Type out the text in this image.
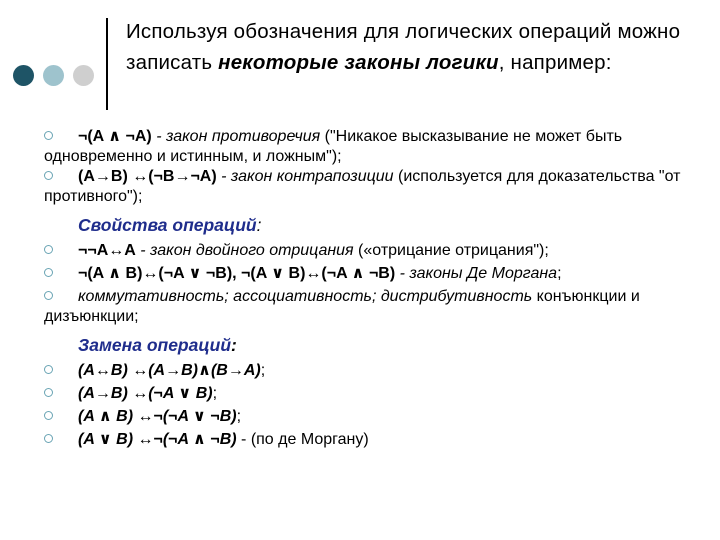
Используя обозначения для логических операций можно записать некоторые законы логики, например:
¬(A ∧ ¬A) - закон противоречия ("Никакое высказывание не может быть одновременно и истинным, и ложным");
(A→B) ↔(¬B→¬A) - закон контрапозиции (используется для доказательства "от противного");
Свойства операций:
¬¬A↔A - закон двойного отрицания («отрицание отрицания");
¬(A ∧ B)↔(¬A ∨ ¬B), ¬(A ∨ B)↔(¬A ∧ ¬B) - законы Де Моргана;
коммутативность; ассоциативность; дистрибутивность конъюнкции и дизъюнкции;
Замена операций:
(A↔B) ↔(A→B)∧(B→A);
(A→B) ↔(¬A ∨ B);
(A ∧ B) ↔¬(¬A ∨ ¬B);
(A ∨ B) ↔¬(¬A ∧ ¬B) - (по де Моргану)
